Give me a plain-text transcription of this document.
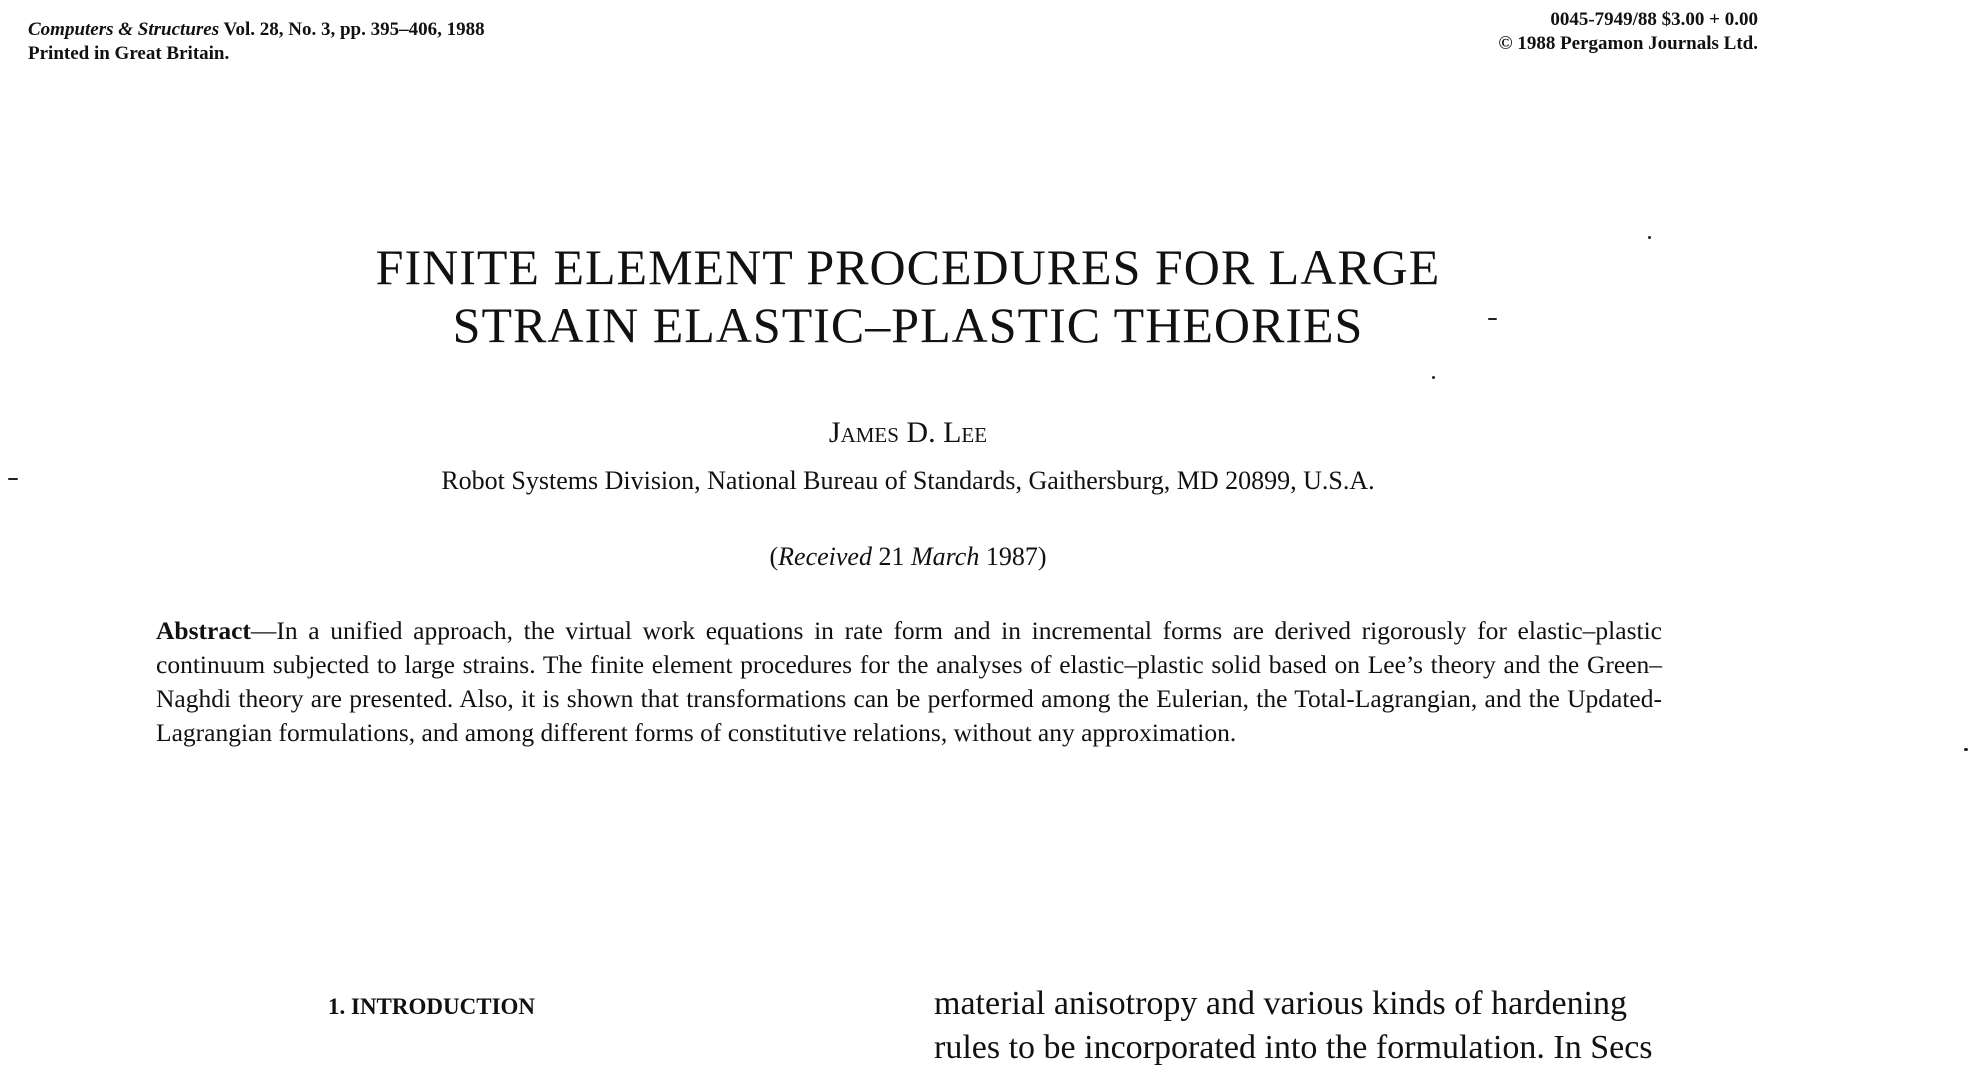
Computers & Structures Vol. 28, No. 3, pp. 395–406, 1988
Printed in Great Britain.
0045-7949/88 $3.00 + 0.00
© 1988 Pergamon Journals Ltd.
FINITE ELEMENT PROCEDURES FOR LARGE
STRAIN ELASTIC–PLASTIC THEORIES
James D. Lee
Robot Systems Division, National Bureau of Standards, Gaithersburg, MD 20899, U.S.A.
(Received 21 March 1987)
Abstract—In a unified approach, the virtual work equations in rate form and in incremental forms are derived rigorously for elastic–plastic continuum subjected to large strains. The finite element procedures for the analyses of elastic–plastic solid based on Lee’s theory and the Green–Naghdi theory are presented. Also, it is shown that transformations can be performed among the Eulerian, the Total-Lagrangian, and the Updated-Lagrangian formulations, and among different forms of constitutive relations, without any approximation.
1. INTRODUCTION	material anisotropy and various kinds of hardening
rules to be incorporated into the formulation. In Secs
